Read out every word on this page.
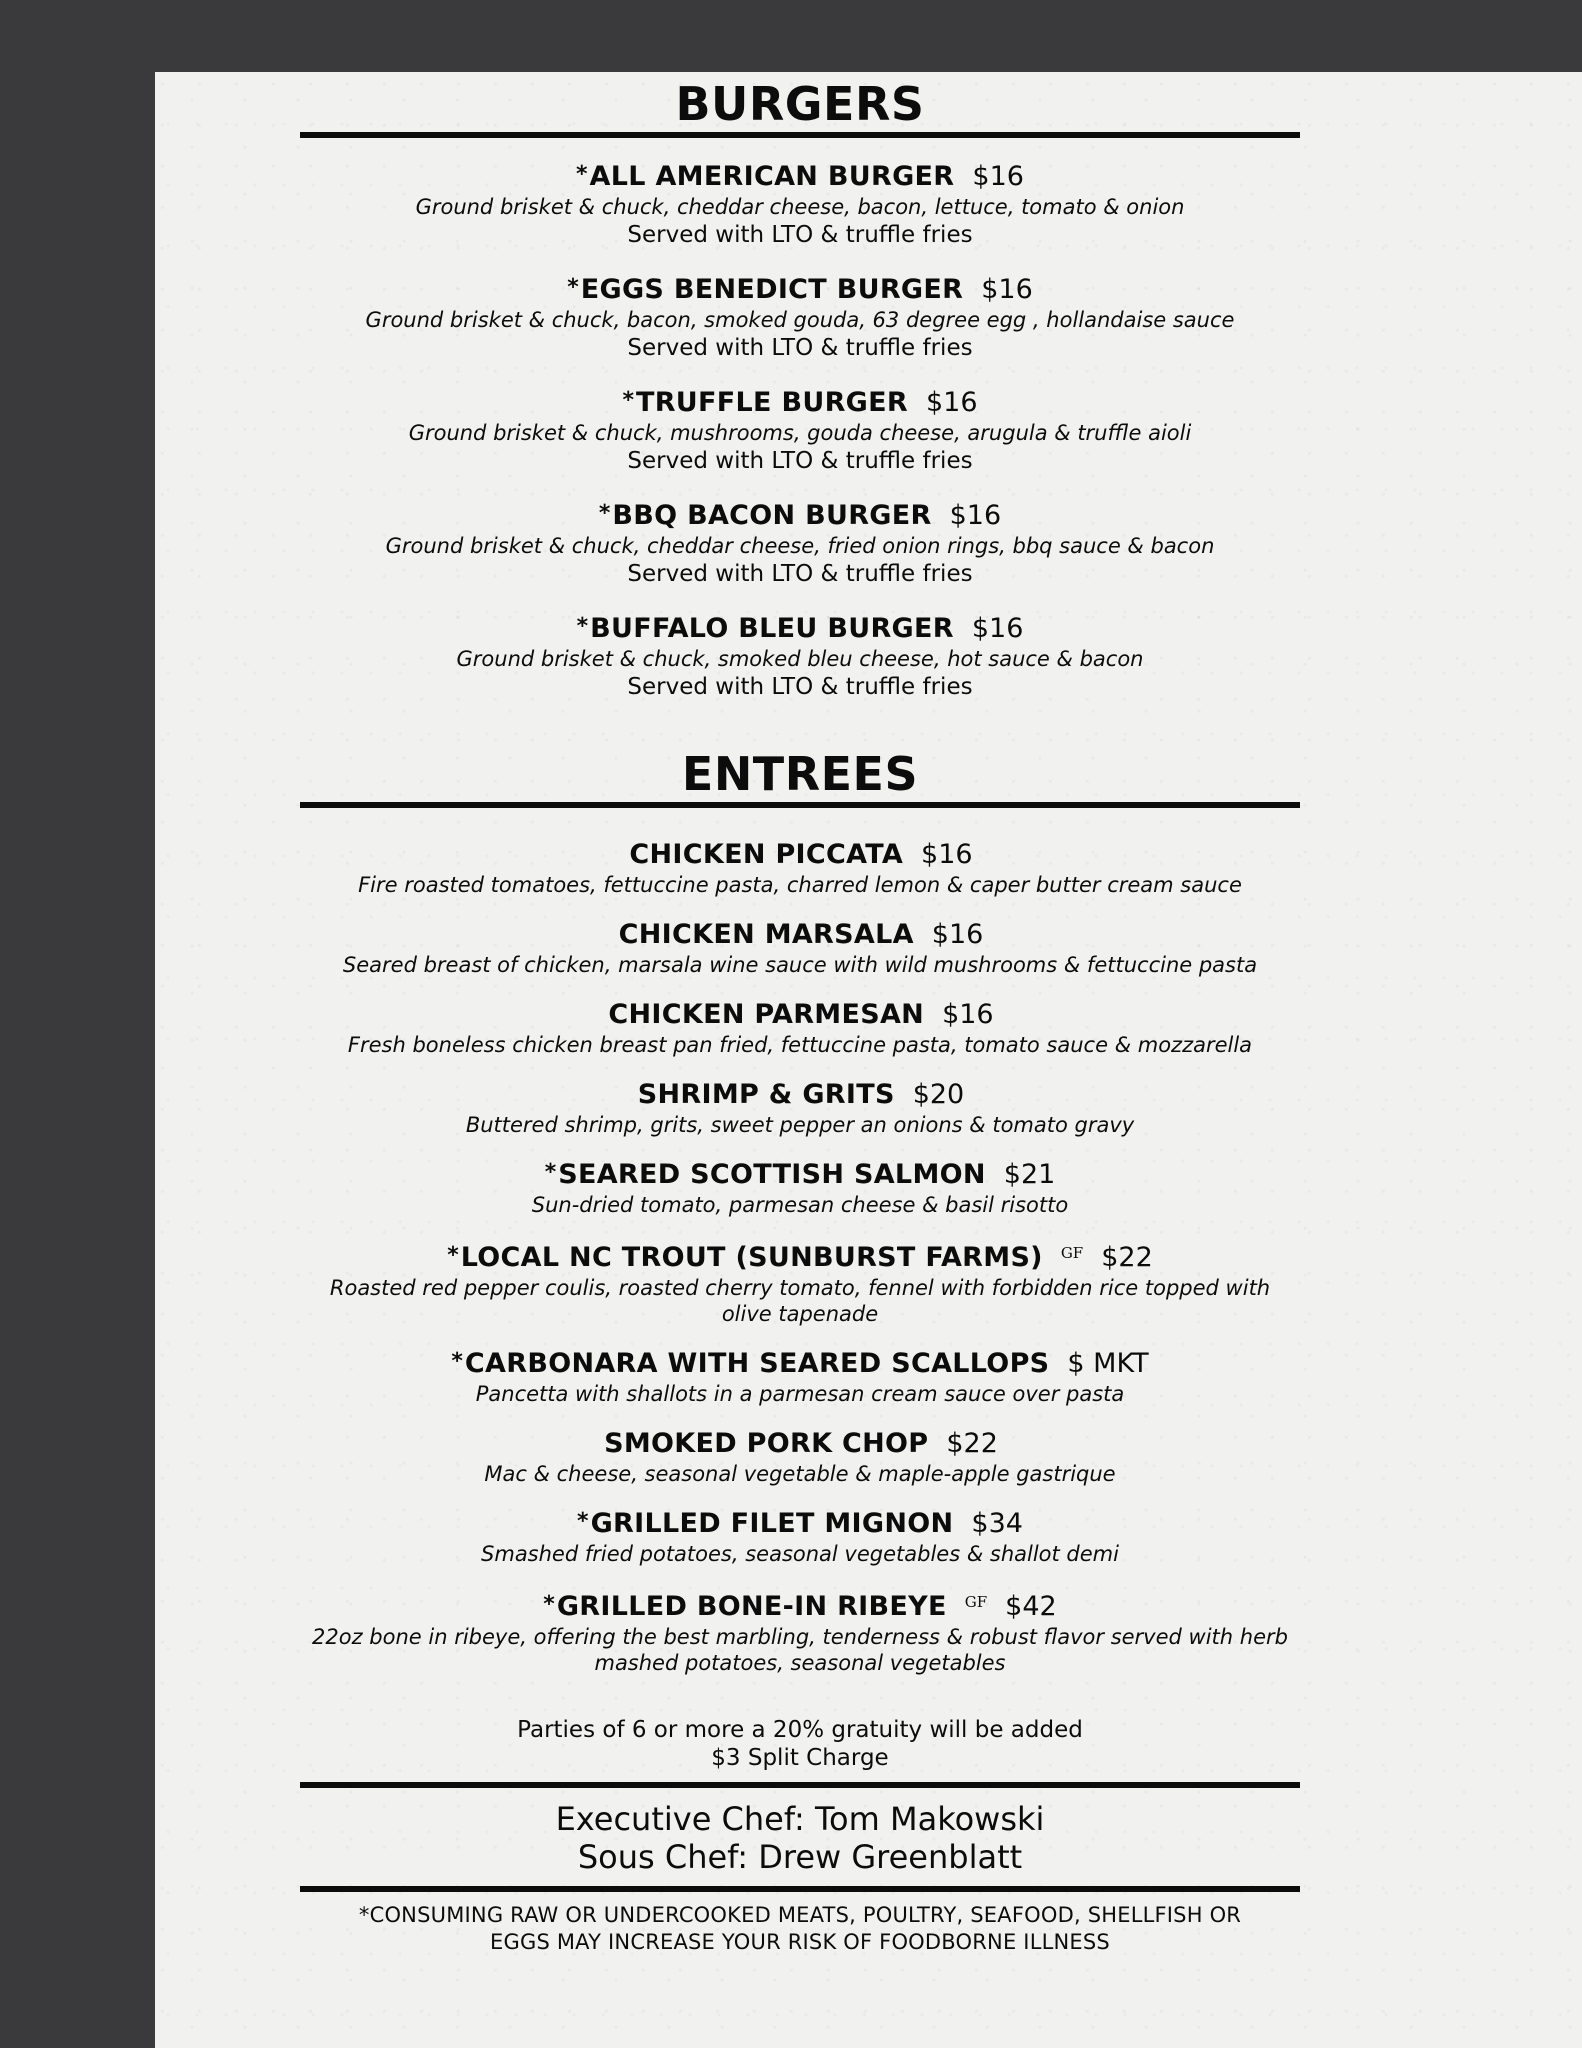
BURGERS
*ALL AMERICAN BURGER $16
Ground brisket & chuck, cheddar cheese, bacon, lettuce, tomato & onion
Served with LTO & truffle fries
*EGGS BENEDICT BURGER $16
Ground brisket & chuck, bacon, smoked gouda, 63 degree egg , hollandaise sauce
Served with LTO & truffle fries
*TRUFFLE BURGER $16
Ground brisket & chuck, mushrooms, gouda cheese, arugula & truffle aioli
Served with LTO & truffle fries
*BBQ BACON BURGER $16
Ground brisket & chuck, cheddar cheese, fried onion rings, bbq sauce & bacon
Served with LTO & truffle fries
*BUFFALO BLEU BURGER $16
Ground brisket & chuck, smoked bleu cheese, hot sauce & bacon
Served with LTO & truffle fries
ENTREES
CHICKEN PICCATA $16
Fire roasted tomatoes, fettuccine pasta, charred lemon & caper butter cream sauce
CHICKEN MARSALA $16
Seared breast of chicken, marsala wine sauce with wild mushrooms & fettuccine pasta
CHICKEN PARMESAN $16
Fresh boneless chicken breast pan fried, fettuccine pasta, tomato sauce & mozzarella
SHRIMP & GRITS $20
Buttered shrimp, grits, sweet pepper an onions & tomato gravy
*SEARED SCOTTISH SALMON $21
Sun-dried tomato, parmesan cheese & basil risotto
*LOCAL NC TROUT (SUNBURST FARMS) $^{GF}$ $22
Roasted red pepper coulis, roasted cherry tomato, fennel with forbidden rice topped with olive tapenade
*CARBONARA WITH SEARED SCALLOPS $ MKT
Pancetta with shallots in a parmesan cream sauce over pasta
SMOKED PORK CHOP $22
Mac & cheese, seasonal vegetable & maple-apple gastrique
*GRILLED FILET MIGNON $34
Smashed fried potatoes, seasonal vegetables & shallot demi
*GRILLED BONE-IN RIBEYE $^{GF}$ $42
22oz bone in ribeye, offering the best marbling, tenderness & robust flavor served with herb mashed potatoes, seasonal vegetables
Parties of 6 or more a 20% gratuity will be added
$3 Split Charge
Executive Chef: Tom Makowski
Sous Chef: Drew Greenblatt
*CONSUMING RAW OR UNDERCOOKED MEATS, POULTRY, SEAFOOD, SHELLFISH OR
EGGS MAY INCREASE YOUR RISK OF FOODBORNE ILLNESS
